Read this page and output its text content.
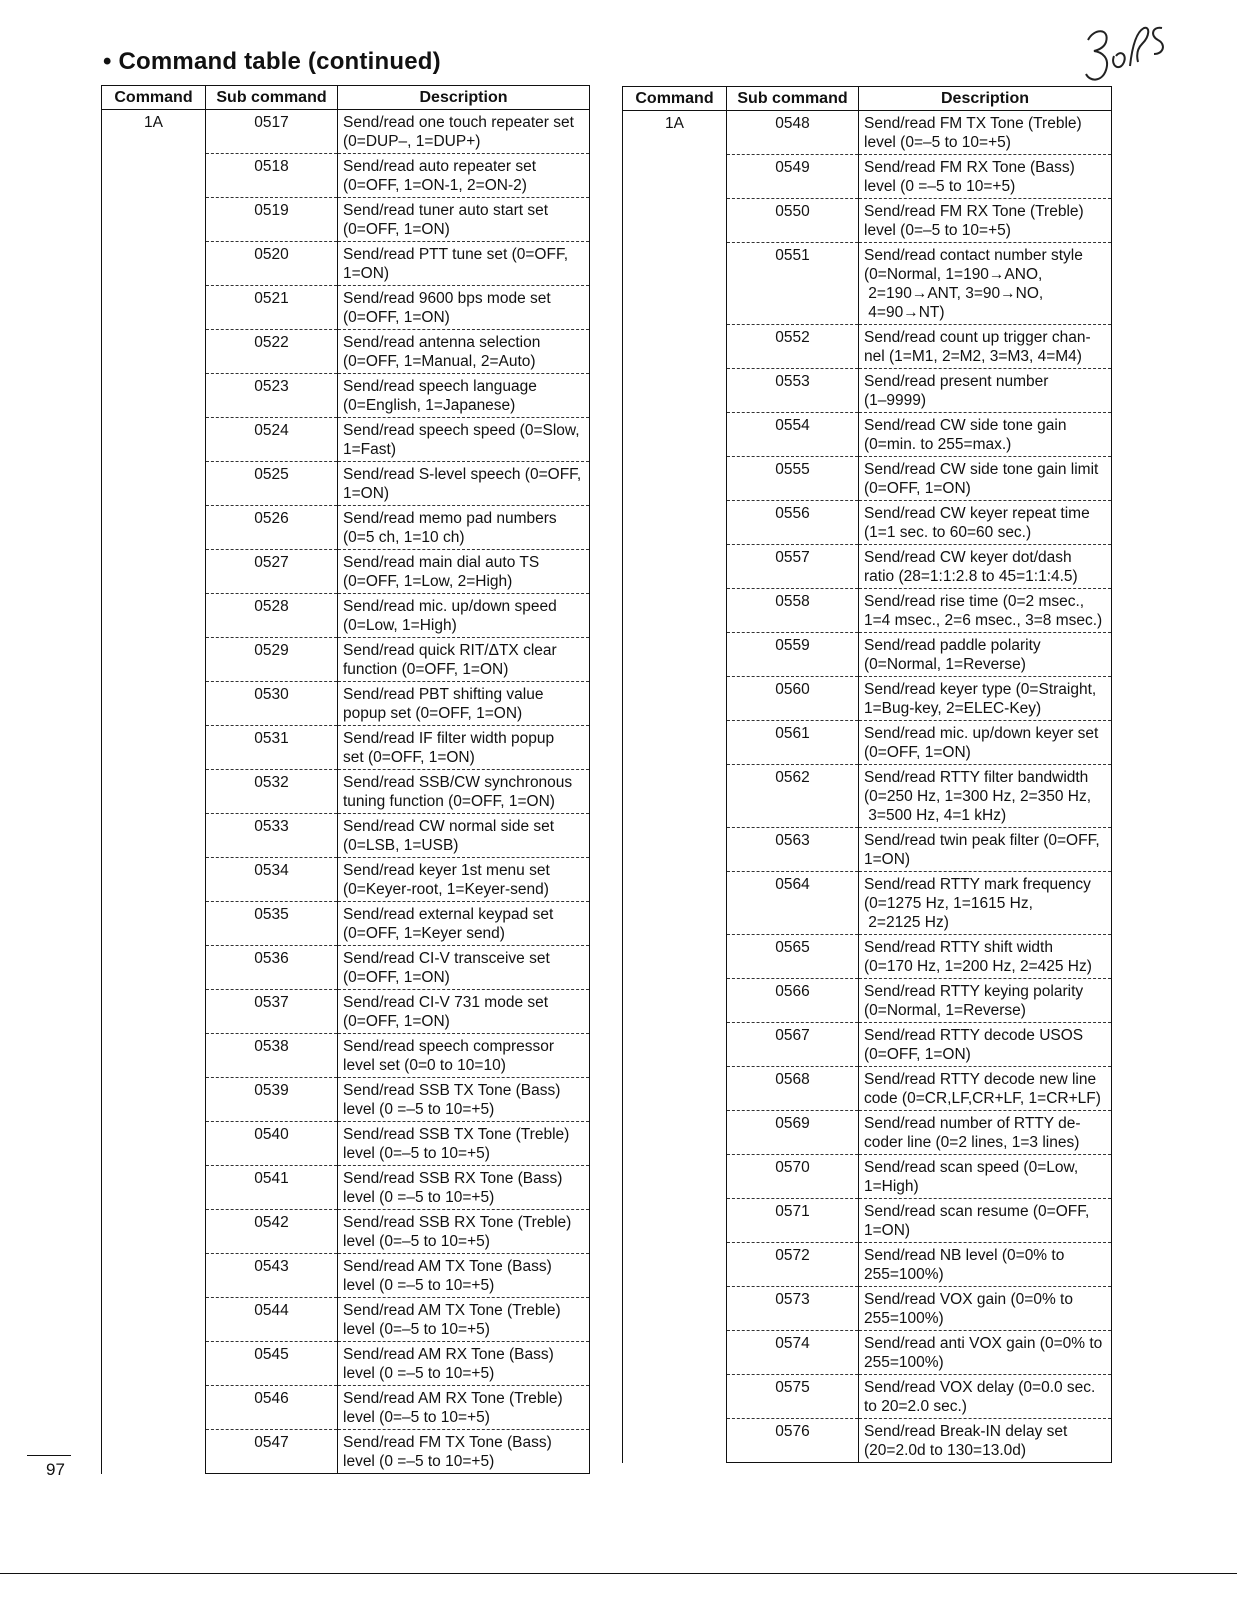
• Command table (continued)
Command	Sub command	Description
1A	0517	Send/read one touch repeater set
(0=DUP–, 1=DUP+)
	0518	Send/read auto repeater set
(0=OFF, 1=ON-1, 2=ON-2)
	0519	Send/read tuner auto start set
(0=OFF, 1=ON)
	0520	Send/read PTT tune set (0=OFF,
1=ON)
	0521	Send/read 9600 bps mode set
(0=OFF, 1=ON)
	0522	Send/read antenna selection
(0=OFF, 1=Manual, 2=Auto)
	0523	Send/read speech language
(0=English, 1=Japanese)
	0524	Send/read speech speed (0=Slow,
1=Fast)
	0525	Send/read S-level speech (0=OFF,
1=ON)
	0526	Send/read memo pad numbers
(0=5 ch, 1=10 ch)
	0527	Send/read main dial auto TS
(0=OFF, 1=Low, 2=High)
	0528	Send/read mic. up/down speed
(0=Low, 1=High)
	0529	Send/read quick RIT/ΔTX clear
function (0=OFF, 1=ON)
	0530	Send/read PBT shifting value
popup set (0=OFF, 1=ON)
	0531	Send/read IF filter width popup
set (0=OFF, 1=ON)
	0532	Send/read SSB/CW synchronous
tuning function (0=OFF, 1=ON)
	0533	Send/read CW normal side set
(0=LSB, 1=USB)
	0534	Send/read keyer 1st menu set
(0=Keyer-root, 1=Keyer-send)
	0535	Send/read external keypad set
(0=OFF, 1=Keyer send)
	0536	Send/read CI-V transceive set
(0=OFF, 1=ON)
	0537	Send/read CI-V 731 mode set
(0=OFF, 1=ON)
	0538	Send/read speech compressor
level set (0=0 to 10=10)
	0539	Send/read SSB TX Tone (Bass)
level (0 =–5 to 10=+5)
	0540	Send/read SSB TX Tone (Treble)
level (0=–5 to 10=+5)
	0541	Send/read SSB RX Tone (Bass)
level (0 =–5 to 10=+5)
	0542	Send/read SSB RX Tone (Treble)
level (0=–5 to 10=+5)
	0543	Send/read AM TX Tone (Bass)
level (0 =–5 to 10=+5)
	0544	Send/read AM TX Tone (Treble)
level (0=–5 to 10=+5)
	0545	Send/read AM RX Tone (Bass)
level (0 =–5 to 10=+5)
	0546	Send/read AM RX Tone (Treble)
level (0=–5 to 10=+5)
	0547	Send/read FM TX Tone (Bass)
level (0 =–5 to 10=+5)
Command	Sub command	Description
1A	0548	Send/read FM TX Tone (Treble)
level (0=–5 to 10=+5)
	0549	Send/read FM RX Tone (Bass)
level (0 =–5 to 10=+5)
	0550	Send/read FM RX Tone (Treble)
level (0=–5 to 10=+5)
	0551	Send/read contact number style
(0=Normal, 1=190→ANO,
2=190→ANT, 3=90→NO,
4=90→NT)
	0552	Send/read count up trigger chan-
nel (1=M1, 2=M2, 3=M3, 4=M4)
	0553	Send/read present number
(1–9999)
	0554	Send/read CW side tone gain
(0=min. to 255=max.)
	0555	Send/read CW side tone gain limit
(0=OFF, 1=ON)
	0556	Send/read CW keyer repeat time
(1=1 sec. to 60=60 sec.)
	0557	Send/read CW keyer dot/dash
ratio (28=1:1:2.8 to 45=1:1:4.5)
	0558	Send/read rise time (0=2 msec.,
1=4 msec., 2=6 msec., 3=8 msec.)
	0559	Send/read paddle polarity
(0=Normal, 1=Reverse)
	0560	Send/read keyer type (0=Straight,
1=Bug-key, 2=ELEC-Key)
	0561	Send/read mic. up/down keyer set
(0=OFF, 1=ON)
	0562	Send/read RTTY filter bandwidth
(0=250 Hz, 1=300 Hz, 2=350 Hz,
3=500 Hz, 4=1 kHz)
	0563	Send/read twin peak filter (0=OFF,
1=ON)
	0564	Send/read RTTY mark frequency
(0=1275 Hz, 1=1615 Hz,
2=2125 Hz)
	0565	Send/read RTTY shift width
(0=170 Hz, 1=200 Hz, 2=425 Hz)
	0566	Send/read RTTY keying polarity
(0=Normal, 1=Reverse)
	0567	Send/read RTTY decode USOS
(0=OFF, 1=ON)
	0568	Send/read RTTY decode new line
code (0=CR,LF,CR+LF, 1=CR+LF)
	0569	Send/read number of RTTY de-
coder line (0=2 lines, 1=3 lines)
	0570	Send/read scan speed (0=Low,
1=High)
	0571	Send/read scan resume (0=OFF,
1=ON)
	0572	Send/read NB level (0=0% to
255=100%)
	0573	Send/read VOX gain (0=0% to
255=100%)
	0574	Send/read anti VOX gain (0=0% to
255=100%)
	0575	Send/read VOX delay (0=0.0 sec.
to 20=2.0 sec.)
	0576	Send/read Break-IN delay set
(20=2.0d to 130=13.0d)
97
